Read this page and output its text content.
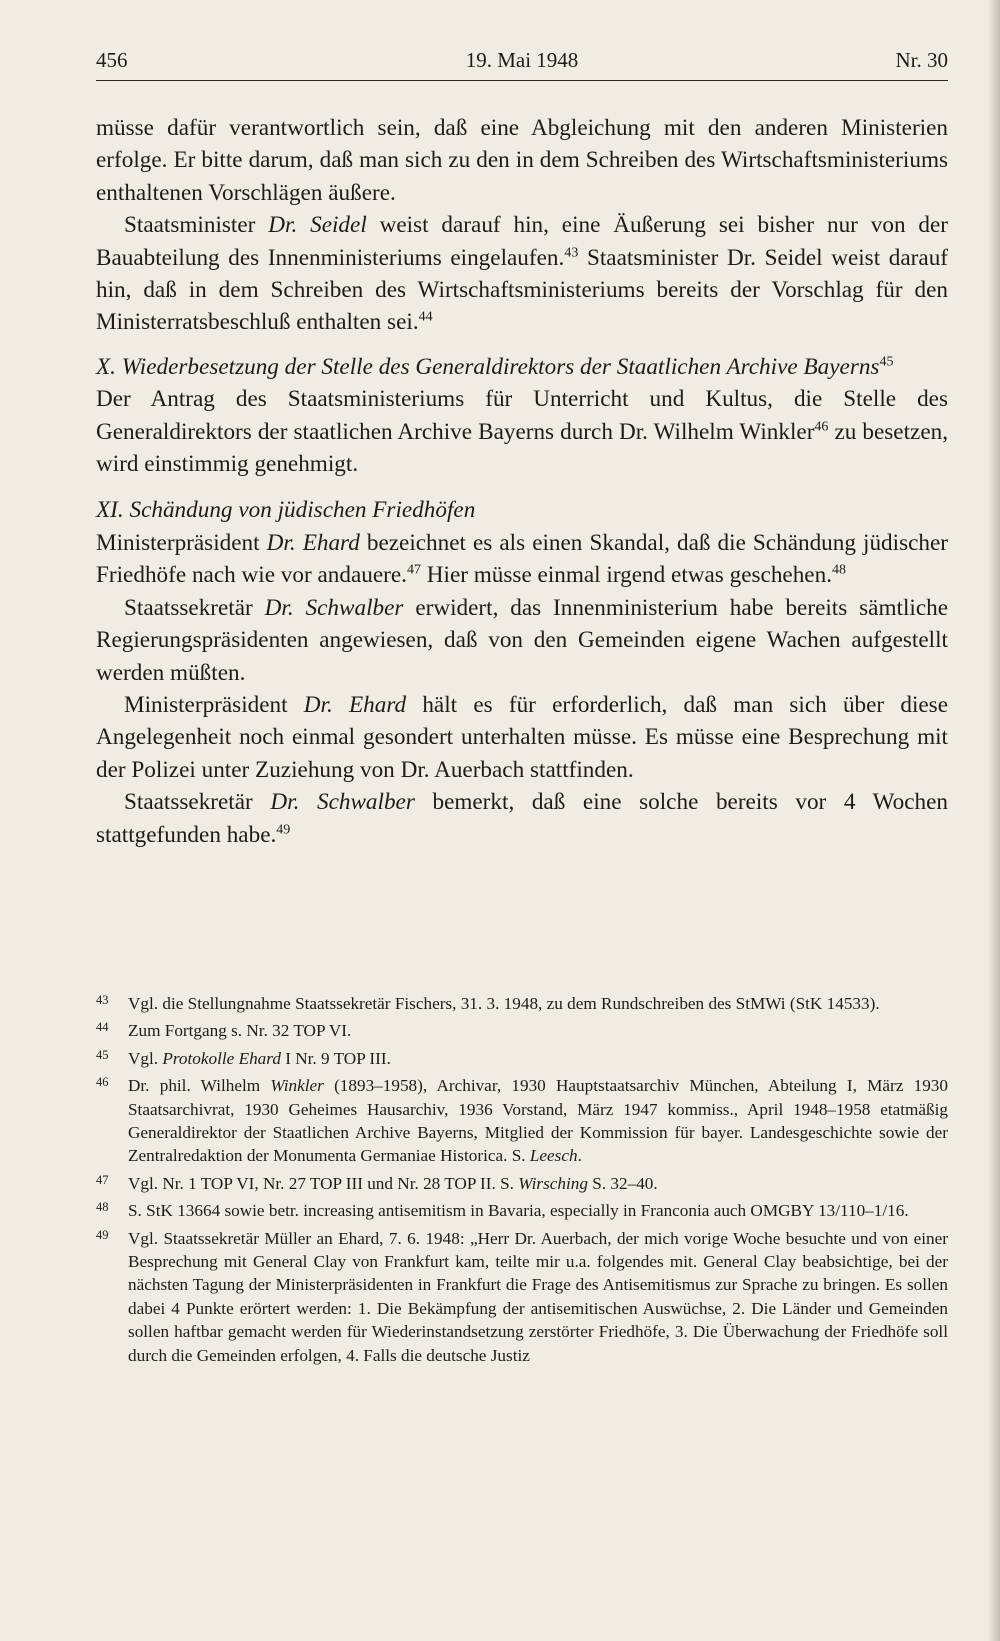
456	19. Mai 1948	Nr. 30

müsse dafür verantwortlich sein, daß eine Abgleichung mit den anderen Ministerien erfolge. Er bitte darum, daß man sich zu den in dem Schreiben des Wirtschaftsministeriums enthaltenen Vorschlägen äußere.

Staatsminister Dr. Seidel weist darauf hin, eine Äußerung sei bisher nur von der Bauabteilung des Innenministeriums eingelaufen.$^{43}$ Staatsminister Dr. Seidel weist darauf hin, daß in dem Schreiben des Wirtschaftsministeriums bereits der Vorschlag für den Ministerratsbeschluß enthalten sei.$^{44}$

X. Wiederbesetzung der Stelle des Generaldirektors der Staatlichen Archive Bayerns$^{45}$

Der Antrag des Staatsministeriums für Unterricht und Kultus, die Stelle des Generaldirektors der staatlichen Archive Bayerns durch Dr. Wilhelm Winkler$^{46}$ zu besetzen, wird einstimmig genehmigt.

XI. Schändung von jüdischen Friedhöfen

Ministerpräsident Dr. Ehard bezeichnet es als einen Skandal, daß die Schändung jüdischer Friedhöfe nach wie vor andauere.$^{47}$ Hier müsse einmal irgend etwas geschehen.$^{48}$

Staatssekretär Dr. Schwalber erwidert, das Innenministerium habe bereits sämtliche Regierungspräsidenten angewiesen, daß von den Gemeinden eigene Wachen aufgestellt werden müßten.

Ministerpräsident Dr. Ehard hält es für erforderlich, daß man sich über diese Angelegenheit noch einmal gesondert unterhalten müsse. Es müsse eine Besprechung mit der Polizei unter Zuziehung von Dr. Auerbach stattfinden.

Staatssekretär Dr. Schwalber bemerkt, daß eine solche bereits vor 4 Wochen stattgefunden habe.$^{49}$

43 Vgl. die Stellungnahme Staatssekretär Fischers, 31. 3. 1948, zu dem Rundschreiben des StMWi (StK 14533).
44 Zum Fortgang s. Nr. 32 TOP VI.
45 Vgl. Protokolle Ehard I Nr. 9 TOP III.
46 Dr. phil. Wilhelm Winkler (1893–1958), Archivar, 1930 Hauptstaatsarchiv München, Abteilung I, März 1930 Staatsarchivrat, 1930 Geheimes Hausarchiv, 1936 Vorstand, März 1947 kommiss., April 1948–1958 etatmäßig Generaldirektor der Staatlichen Archive Bayerns, Mitglied der Kommission für bayer. Landesgeschichte sowie der Zentralredaktion der Monumenta Germaniae Historica. S. Leesch.
47 Vgl. Nr. 1 TOP VI, Nr. 27 TOP III und Nr. 28 TOP II. S. Wirsching S. 32–40.
48 S. StK 13664 sowie betr. increasing antisemitism in Bavaria, especially in Franconia auch OMGBY 13/110–1/16.
49 Vgl. Staatssekretär Müller an Ehard, 7. 6. 1948: „Herr Dr. Auerbach, der mich vorige Woche besuchte und von einer Besprechung mit General Clay von Frankfurt kam, teilte mir u.a. folgendes mit. General Clay beabsichtige, bei der nächsten Tagung der Ministerpräsidenten in Frankfurt die Frage des Antisemitismus zur Sprache zu bringen. Es sollen dabei 4 Punkte erörtert werden: 1. Die Bekämpfung der antisemitischen Auswüchse, 2. Die Länder und Gemeinden sollen haftbar gemacht werden für Wiederinstandsetzung zerstörter Friedhöfe, 3. Die Überwachung der Friedhöfe soll durch die Gemeinden erfolgen, 4. Falls die deutsche Justiz
